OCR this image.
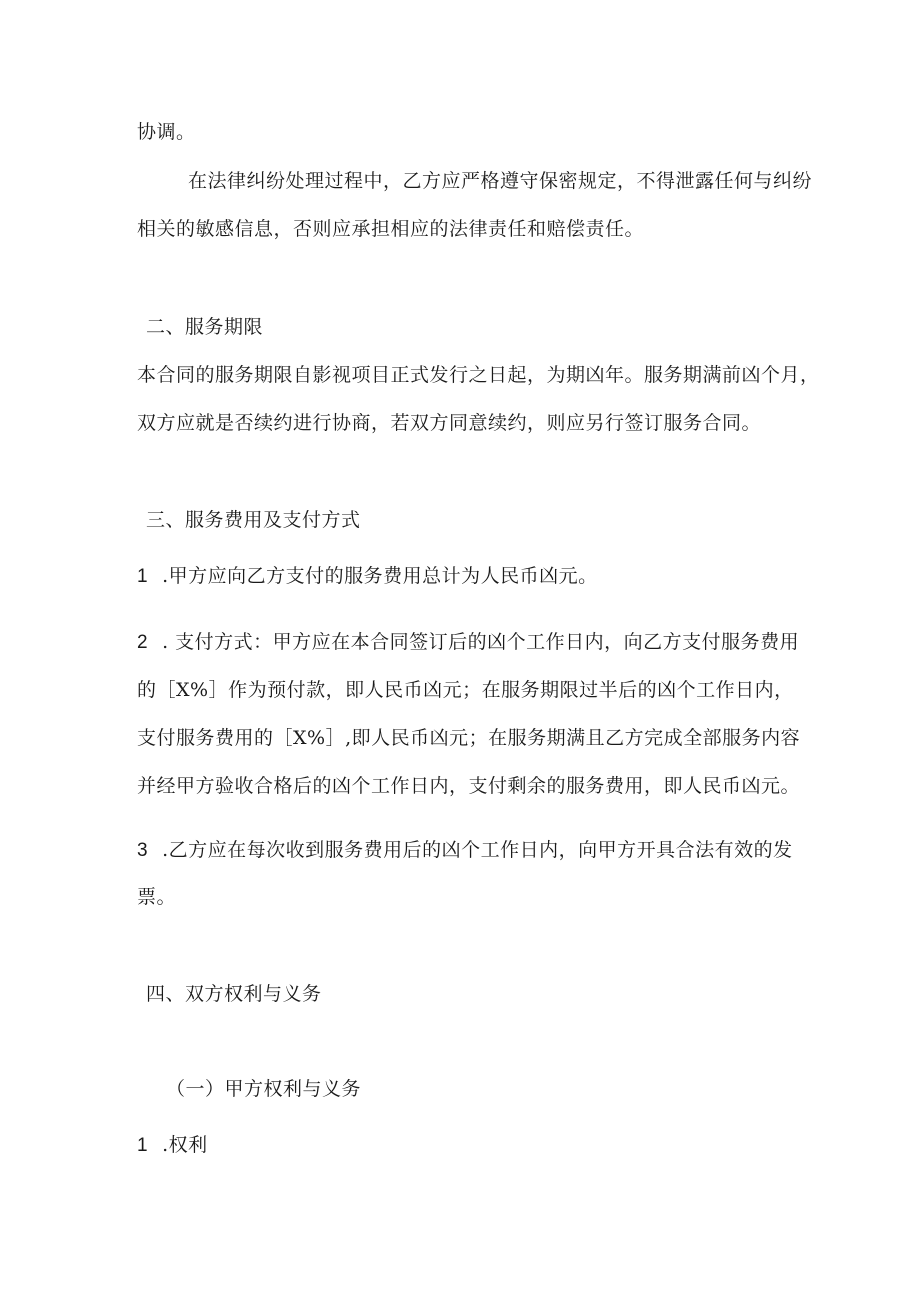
协调。
在法律纠纷处理过程中，乙方应严格遵守保密规定，不得泄露任何与纠纷
相关的敏感信息，否则应承担相应的法律责任和赔偿责任。
二、服务期限
本合同的服务期限自影视项目正式发行之日起，为期凶年。服务期满前凶个月，
双方应就是否续约进行协商，若双方同意续约，则应另行签订服务合同。
三、服务费用及支付方式
1 .甲方应向乙方支付的服务费用总计为人民币凶元。
2 . 支付方式：甲方应在本合同签订后的凶个工作日内，向乙方支付服务费用
的［X%］作为预付款，即人民币凶元；在服务期限过半后的凶个工作日内，
支付服务费用的［X%］,即人民币凶元；在服务期满且乙方完成全部服务内容
并经甲方验收合格后的凶个工作日内，支付剩余的服务费用，即人民币凶元。
3 .乙方应在每次收到服务费用后的凶个工作日内，向甲方开具合法有效的发
票。
四、双方权利与义务
（一）甲方权利与义务
1 .权利
